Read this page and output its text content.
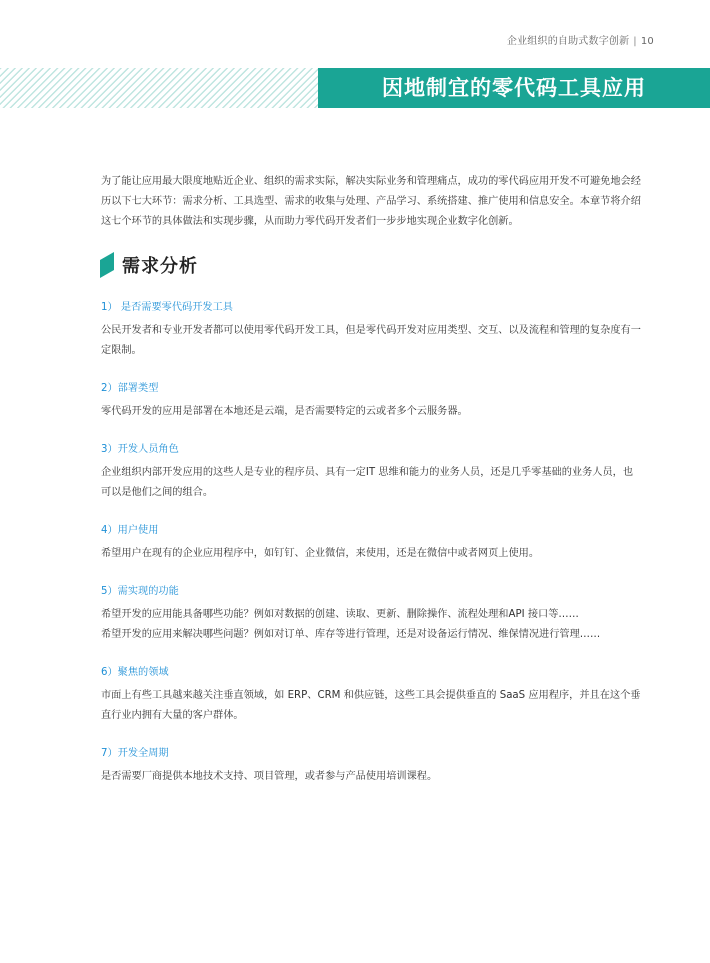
企业组织的自助式数字创新 | 10
因地制宜的零代码工具应用

为了能让应用最大限度地贴近企业、组织的需求实际，解决实际业务和管理痛点，成功的零代码应用开发不可避免地会经历以下七大环节：需求分析、工具选型、需求的收集与处理、产品学习、系统搭建、推广使用和信息安全。本章节将介绍这七个环节的具体做法和实现步骤，从而助力零代码开发者们一步步地实现企业数字化创新。

需求分析
1） 是否需要零代码开发工具
公民开发者和专业开发者都可以使用零代码开发工具，但是零代码开发对应用类型、交互、以及流程和管理的复杂度有一定限制。
2）部署类型
零代码开发的应用是部署在本地还是云端，是否需要特定的云或者多个云服务器。
3）开发人员角色
企业组织内部开发应用的这些人是专业的程序员、具有一定IT 思维和能力的业务人员，还是几乎零基础的业务人员，也可以是他们之间的组合。
4）用户使用
希望用户在现有的企业应用程序中，如钉钉、企业微信，来使用，还是在微信中或者网页上使用。
5）需实现的功能
希望开发的应用能具备哪些功能？例如对数据的创建、读取、更新、删除操作、流程处理和API 接口等……
希望开发的应用来解决哪些问题？例如对订单、库存等进行管理，还是对设备运行情况、维保情况进行管理……
6）聚焦的领域
市面上有些工具越来越关注垂直领域，如 ERP、CRM 和供应链，这些工具会提供垂直的 SaaS 应用程序，并且在这个垂直行业内拥有大量的客户群体。
7）开发全周期
是否需要厂商提供本地技术支持、项目管理，或者参与产品使用培训课程。
